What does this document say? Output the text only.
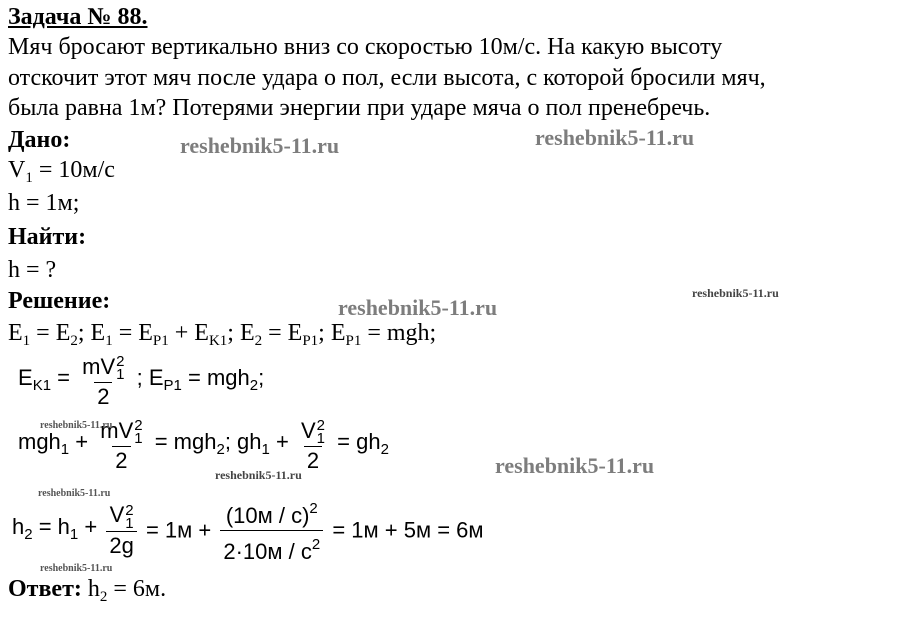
Задача № 88.
Мяч бросают вертикально вниз со скоростью 10м/с. На какую высоту
отскочит этот мяч после удара о пол, если высота, с которой бросили мяч,
была равна 1м? Потерями энергии при ударе мяча о пол пренебречь.
Дано:
$V_1 = 10м/с$
h = 1м;
Найти:
h = ?
Решение:
$E_1 = E_2$; $E_1 = E_{P1} + E_{K1}$; $E_2 = E_{P1}$; $E_{P1}$ = mgh;
$E_{K1}$ = mV 2
1
2 ; $E_{P1} = mgh_2$;
mgh$_1$ + mV 2
1
2 = mgh$_2$; $gh_1 + V$ 2
1
$2 = gh_2$
$h_2 = h_1 + V$ 2
1
$2g = 1м + \frac{(10м / с)^2}{2\cdot 10м / с^2} = 1м + 5м = 6м$
Ответ: $h_2 = 6м$.
reshebnik5-11.ru	reshebnik5-11.ru
reshebnik5-11.ru
reshebnik5-11.ru
reshebnik5-11.ru
reshebnik5-11.ru	reshebnik5-11.ru
reshebnik5-11.ru
reshebnik5-11.ru
